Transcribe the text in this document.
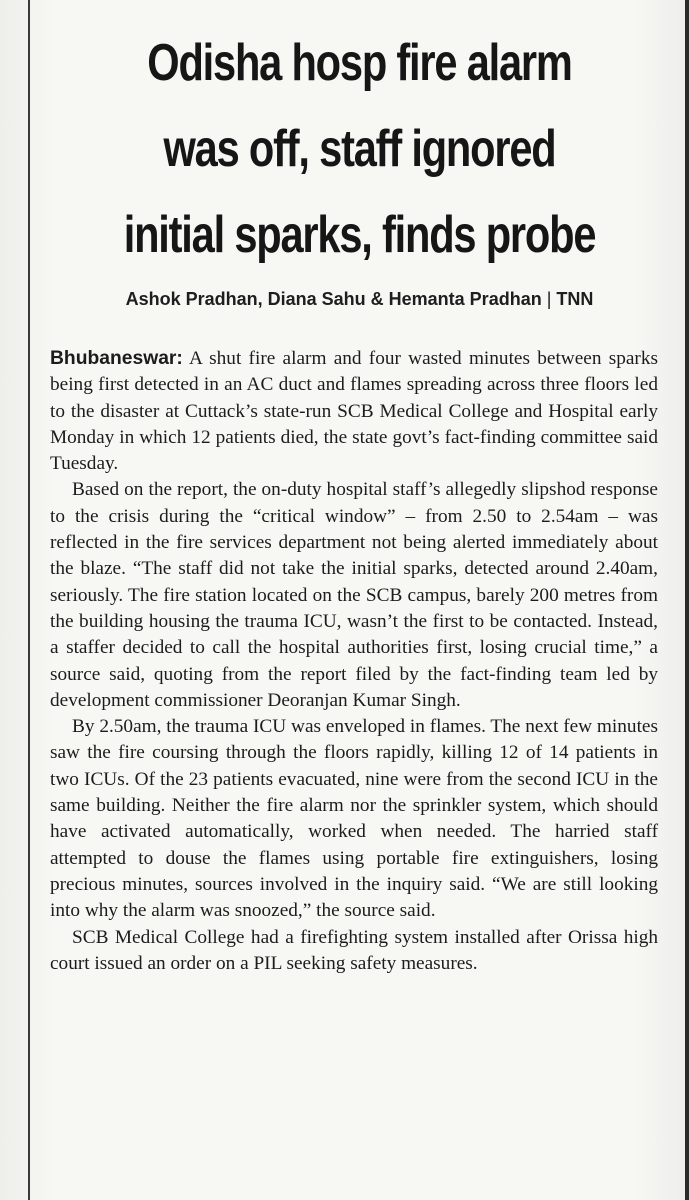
Odisha hosp fire alarm
was off, staff ignored
initial sparks, finds probe
Ashok Pradhan, Diana Sahu & Hemanta Pradhan | TNN

Bhubaneswar: A shut fire alarm and four wasted minutes between sparks being first detected in an AC duct and flames spreading across three floors led to the disaster at Cuttack’s state-run SCB Medical College and Hospital early Monday in which 12 patients died, the state govt’s fact-finding committee said Tuesday.

Based on the report, the on-duty hospital staff’s allegedly slipshod response to the crisis during the “critical window” – from 2.50 to 2.54am – was reflected in the fire services department not being alerted immediately about the blaze. “The staff did not take the initial sparks, detected around 2.40am, seriously. The fire station located on the SCB campus, barely 200 metres from the building housing the trauma ICU, wasn’t the first to be contacted. Instead, a staffer decided to call the hospital authorities first, losing crucial time,” a source said, quoting from the report filed by the fact-finding team led by development commissioner Deoranjan Kumar Singh.

By 2.50am, the trauma ICU was enveloped in flames. The next few minutes saw the fire coursing through the floors rapidly, killing 12 of 14 patients in two ICUs. Of the 23 patients evacuated, nine were from the second ICU in the same building. Neither the fire alarm nor the sprinkler system, which should have activated automatically, worked when needed. The harried staff attempted to douse the flames using portable fire extinguishers, losing precious minutes, sources involved in the inquiry said. “We are still looking into why the alarm was snoozed,” the source said.

SCB Medical College had a firefighting system installed after Orissa high court issued an order on a PIL seeking safety measures.
